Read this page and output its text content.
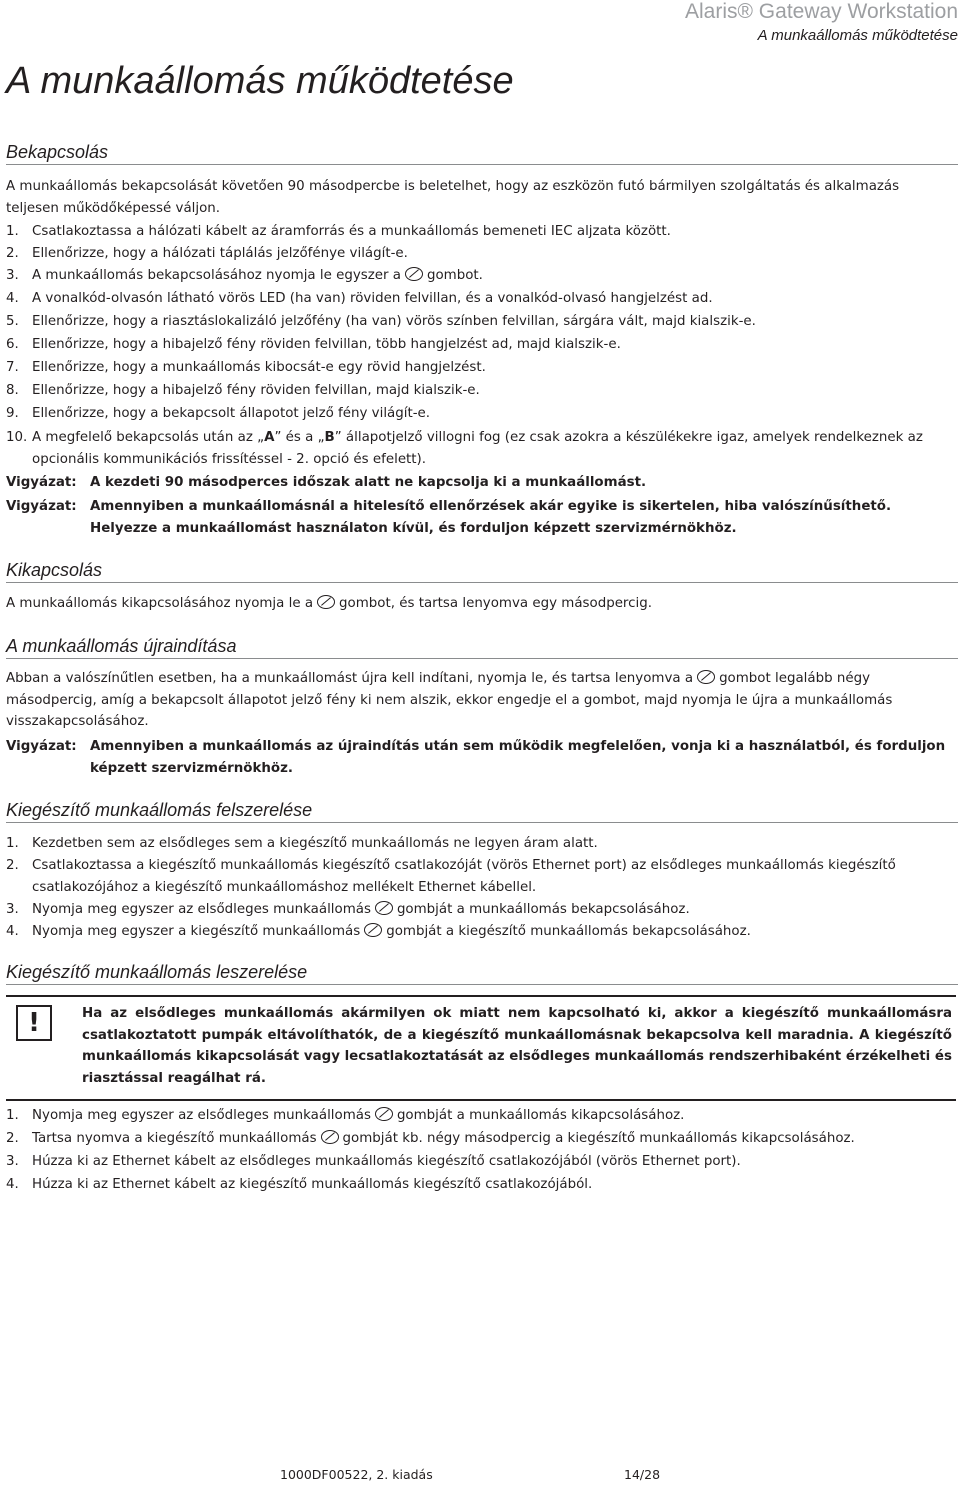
Alaris® Gateway Workstation
A munkaállomás működtetése
A munkaállomás működtetése
Bekapcsolás
A munkaállomás bekapcsolását követően 90 másodpercbe is beletelhet, hogy az eszközön futó bármilyen szolgáltatás és alkalmazás teljesen működőképessé váljon.
1. Csatlakoztassa a hálózati kábelt az áramforrás és a munkaállomás bemeneti IEC aljzata között.
2. Ellenőrizze, hogy a hálózati táplálás jelzőfénye világít-e.
3. A munkaállomás bekapcsolásához nyomja le egyszer a gombot.
4. A vonalkód-olvasón látható vörös LED (ha van) röviden felvillan, és a vonalkód-olvasó hangjelzést ad.
5. Ellenőrizze, hogy a riasztáslokalizáló jelzőfény (ha van) vörös színben felvillan, sárgára vált, majd kialszik-e.
6. Ellenőrizze, hogy a hibajelző fény röviden felvillan, több hangjelzést ad, majd kialszik-e.
7. Ellenőrizze, hogy a munkaállomás kibocsát-e egy rövid hangjelzést.
8. Ellenőrizze, hogy a hibajelző fény röviden felvillan, majd kialszik-e.
9. Ellenőrizze, hogy a bekapcsolt állapotot jelző fény világít-e.
10. A megfelelő bekapcsolás után az „A” és a „B” állapotjelző villogni fog (ez csak azokra a készülékekre igaz, amelyek rendelkeznek az opcionális kommunikációs frissítéssel - 2. opció és efelett).
Vigyázat: A kezdeti 90 másodperces időszak alatt ne kapcsolja ki a munkaállomást.
Vigyázat: Amennyiben a munkaállomásnál a hitelesítő ellenőrzések akár egyike is sikertelen, hiba valószínűsíthető. Helyezze a munkaállomást használaton kívül, és forduljon képzett szervizmérnökhöz.
Kikapcsolás
A munkaállomás kikapcsolásához nyomja le a gombot, és tartsa lenyomva egy másodpercig.
A munkaállomás újraindítása
Abban a valószínűtlen esetben, ha a munkaállomást újra kell indítani, nyomja le, és tartsa lenyomva a gombot legalább négy másodpercig, amíg a bekapcsolt állapotot jelző fény ki nem alszik, ekkor engedje el a gombot, majd nyomja le újra a munkaállomás visszakapcsolásához.
Vigyázat: Amennyiben a munkaállomás az újraindítás után sem működik megfelelően, vonja ki a használatból, és forduljon képzett szervizmérnökhöz.
Kiegészítő munkaállomás felszerelése
1. Kezdetben sem az elsődleges sem a kiegészítő munkaállomás ne legyen áram alatt.
2. Csatlakoztassa a kiegészítő munkaállomás kiegészítő csatlakozóját (vörös Ethernet port) az elsődleges munkaállomás kiegészítő csatlakozójához a kiegészítő munkaállomáshoz mellékelt Ethernet kábellel.
3. Nyomja meg egyszer az elsődleges munkaállomás gombját a munkaállomás bekapcsolásához.
4. Nyomja meg egyszer a kiegészítő munkaállomás gombját a kiegészítő munkaállomás bekapcsolásához.
Kiegészítő munkaállomás leszerelése
!	Ha az elsődleges munkaállomás akármilyen ok miatt nem kapcsolható ki, akkor a kiegészítő munkaállomásra csatlakoztatott pumpák eltávolíthatók, de a kiegészítő munkaállomásnak bekapcsolva kell maradnia. A kiegészítő munkaállomás kikapcsolását vagy lecsatlakoztatását az elsődleges munkaállomás rendszerhibaként érzékelheti és riasztással reagálhat rá.
1. Nyomja meg egyszer az elsődleges munkaállomás gombját a munkaállomás kikapcsolásához.
2. Tartsa nyomva a kiegészítő munkaállomás gombját kb. négy másodpercig a kiegészítő munkaállomás kikapcsolásához.
3. Húzza ki az Ethernet kábelt az elsődleges munkaállomás kiegészítő csatlakozójából (vörös Ethernet port).
4. Húzza ki az Ethernet kábelt az kiegészítő munkaállomás kiegészítő csatlakozójából.
1000DF00522, 2. kiadás	14/28
